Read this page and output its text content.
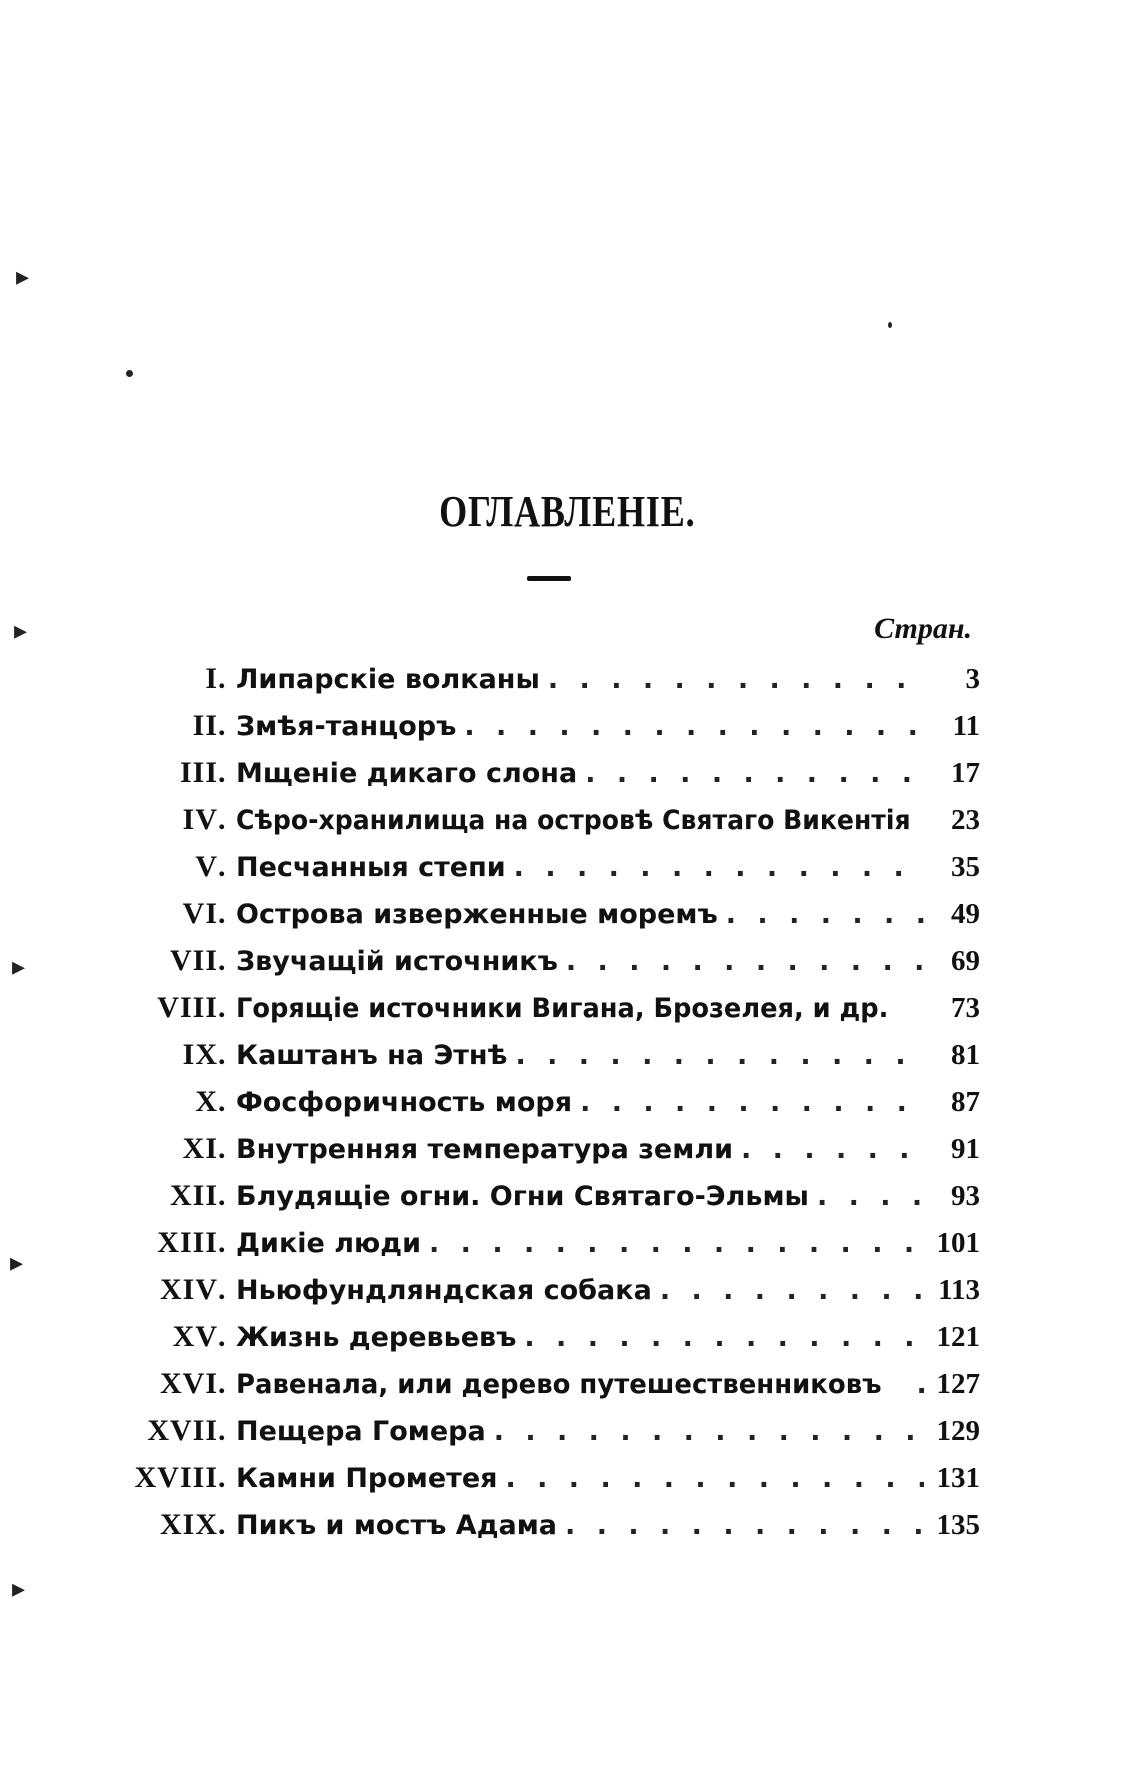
ОГЛАВЛЕНІЕ.
Стран.
I . Липарскіе волканы . . .	3
II . Змѣя-танцоръ . . .	11
III . Мщеніе дикаго слона . . .	17
IV . Сѣро-хранилища на островѣ Святаго Викентія	23
V . Песчанныя степи . . .	35
VI . Острова изверженные моремъ . . .	49
VII . Звучащій источникъ . . .	69
VIII . Горящіе источники Вигана, Брозелея, и др. . . .	73
IX . Каштанъ на Этнѣ . . .	81
X . Фосфоричность моря . . .	87
XI . Внутренняя температура земли . . .	91
XII . Блудящіе огни. Огни Святаго-Эльмы . . .	93
XIII . Дикіе люди . . .	101
XIV . Ньюфундляндская собака . . .	113
XV . Жизнь деревьевъ . . .	121
XVI . Равенала, или дерево путешественниковъ . . .	127
XVII . Пещера Гомера . . .	129
XVIII . Камни Прометея . . .	131
XIX . Пикъ и мостъ Адама . . .	135
▸
▸
▸
▸
▸
